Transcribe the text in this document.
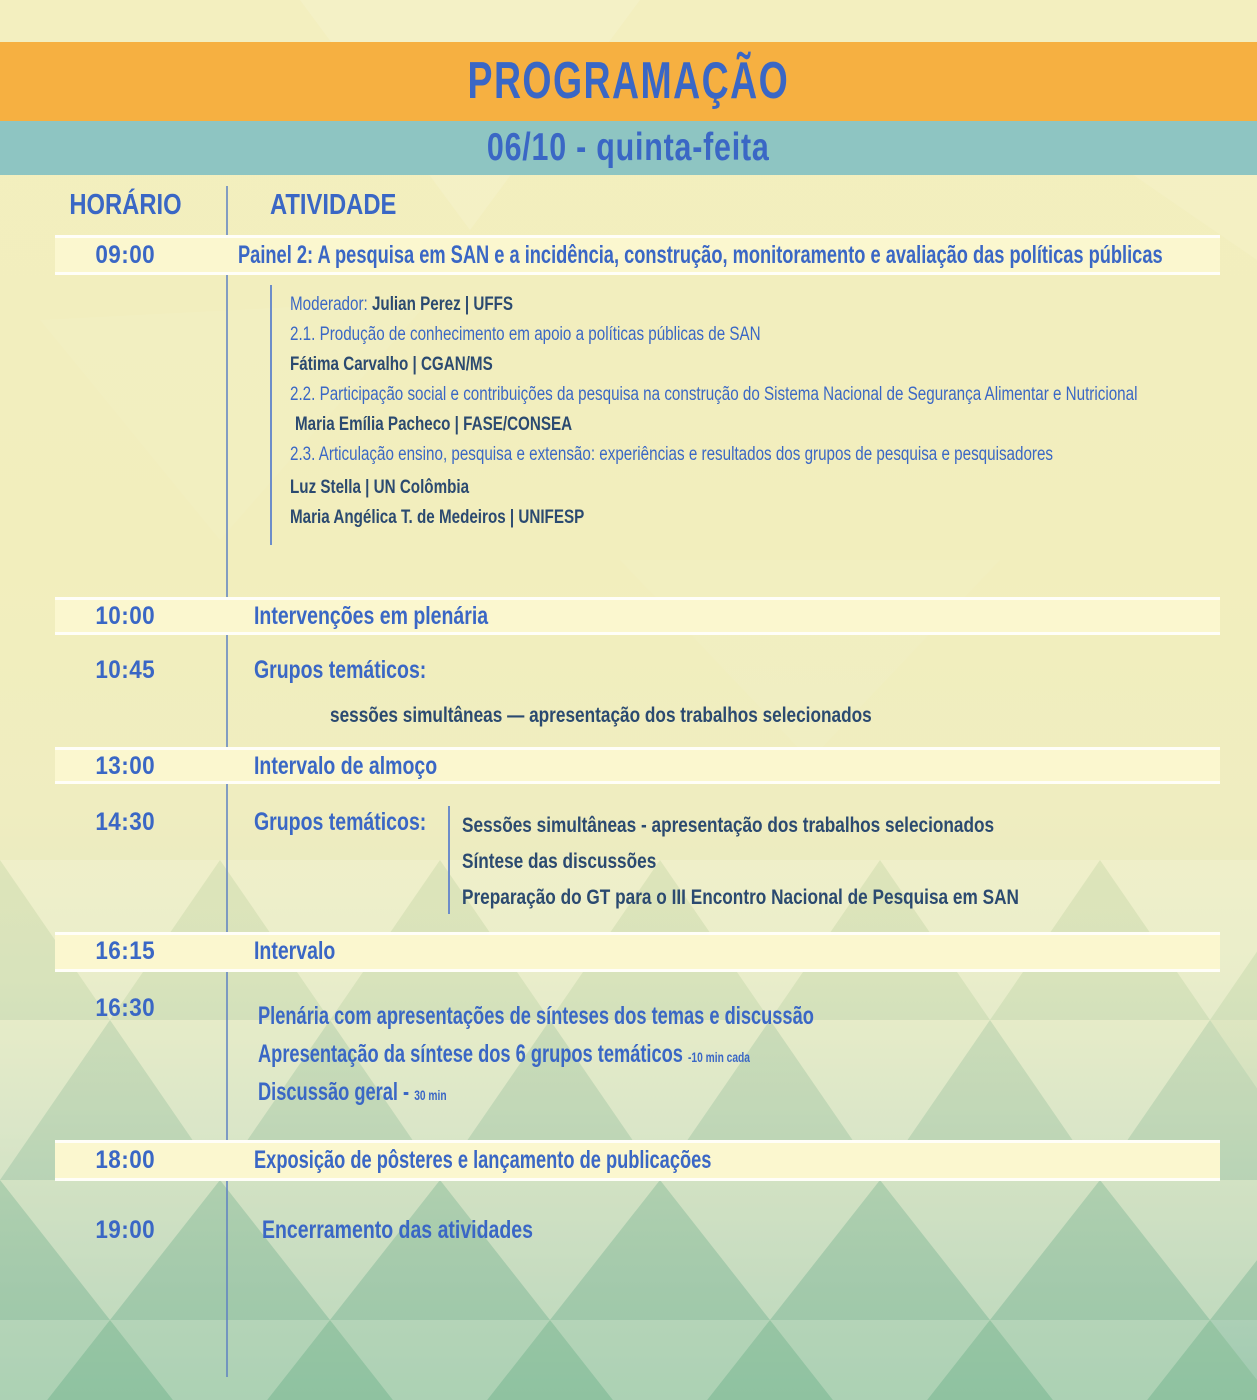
PROGRAMAÇÃO
06/10 - quinta-feita
HORÁRIO	ATIVIDADE
09:00	Painel 2: A pesquisa em SAN e a incidência, construção, monitoramento e avaliação das políticas públicas
Moderador: Julian Perez | UFFS
2.1. Produção de conhecimento em apoio a políticas públicas de SAN
Fátima Carvalho | CGAN/MS
2.2. Participação social e contribuições da pesquisa na construção do Sistema Nacional de Segurança Alimentar e Nutricional
Maria Emília Pacheco | FASE/CONSEA
2.3. Articulação ensino, pesquisa e extensão: experiências e resultados dos grupos de pesquisa e pesquisadores
Luz Stella | UN Colômbia
Maria Angélica T. de Medeiros | UNIFESP
10:00	Intervenções em plenária
10:45	Grupos temáticos:
sessões simultâneas — apresentação dos trabalhos selecionados
13:00	Intervalo de almoço
14:30	Grupos temáticos:	Sessões simultâneas - apresentação dos trabalhos selecionados
Síntese das discussões
Preparação do GT para o III Encontro Nacional de Pesquisa em SAN
16:15	Intervalo
16:30	Plenária com apresentações de sínteses dos temas e discussão
Apresentação da síntese dos 6 grupos temáticos -10 min cada
Discussão geral - 30 min
18:00	Exposição de pôsteres e lançamento de publicações
19:00	Encerramento das atividades
